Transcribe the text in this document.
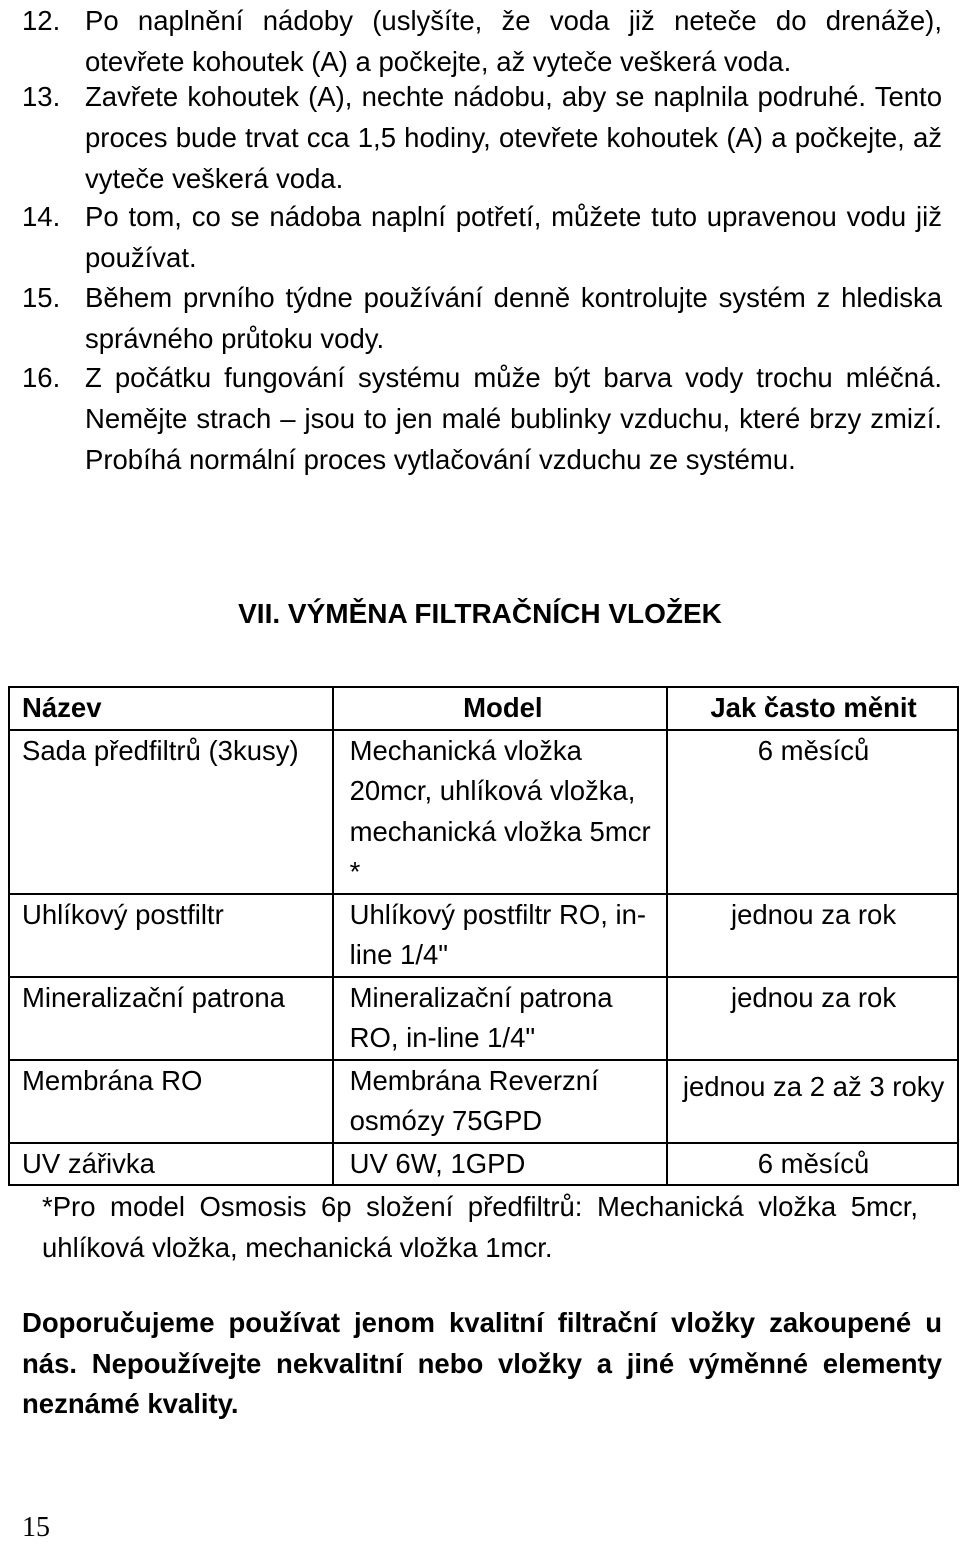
12. Po naplnění nádoby (uslyšíte, že voda již neteče do drenáže), otevřete kohoutek (A) a počkejte, až vyteče veškerá voda.
13. Zavřete kohoutek (A), nechte nádobu, aby se naplnila podruhé. Tento proces bude trvat cca 1,5 hodiny, otevřete kohoutek (A) a počkejte, až vyteče veškerá voda.
14. Po tom, co se nádoba naplní potřetí, můžete tuto upravenou vodu již používat.
15. Během prvního týdne používání denně kontrolujte systém z hlediska správného průtoku vody.
16. Z počátku fungování systému může být barva vody trochu mléčná. Nemějte strach – jsou to jen malé bublinky vzduchu, které brzy zmizí. Probíhá normální proces vytlačování vzduchu ze systému.
VII. VÝMĚNA FILTRAČNÍCH VLOŽEK
Název	Model	Jak často měnit
Sada předfiltrů (3kusy)	Mechanická vložka 20mcr, uhlíková vložka, mechanická vložka 5mcr *	6 měsíců
Uhlíkový postfiltr	Uhlíkový postfiltr RO, in-line 1/4"	jednou za rok
Mineralizační patrona	Mineralizační patrona RO, in-line 1/4"	jednou za rok
Membrána RO	Membrána Reverzní osmózy 75GPD	jednou za 2 až 3 roky
UV zářivka	UV 6W, 1GPD	6 měsíců
*Pro model Osmosis 6p složení předfiltrů: Mechanická vložka 5mcr, uhlíková vložka, mechanická vložka 1mcr.
Doporučujeme používat jenom kvalitní filtrační vložky zakoupené u nás. Nepoužívejte nekvalitní nebo vložky a jiné výměnné elementy neznámé kvality.
15
